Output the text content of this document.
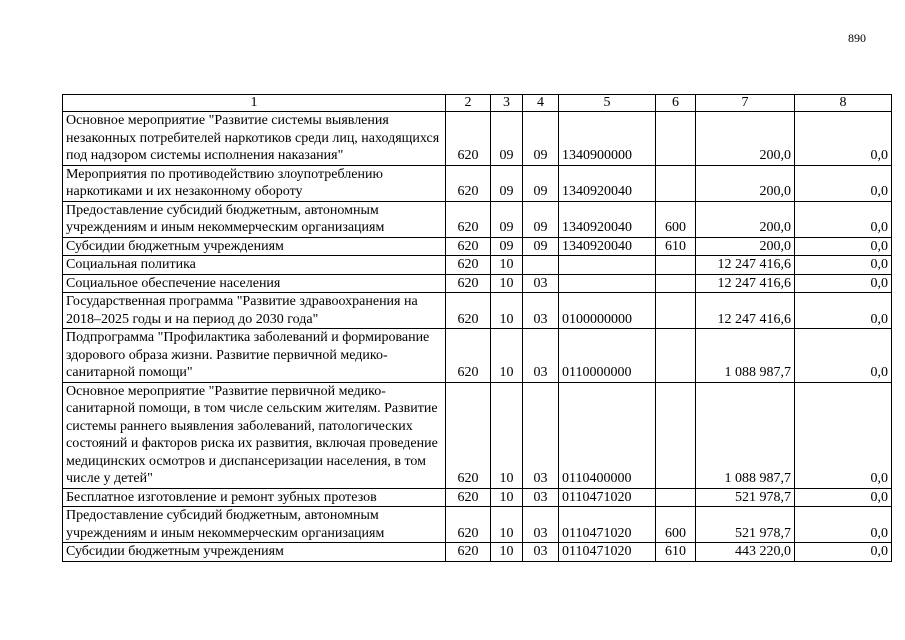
890
1	2	3	4	5	6	7	8
Основное мероприятие "Развитие системы выявления незаконных потребителей наркотиков среди лиц, находящихся под надзором системы исполнения наказания"	620	09	09	1340900000		200,0	0,0
Мероприятия по противодействию злоупотреблению наркотиками и их незаконному обороту	620	09	09	1340920040		200,0	0,0
Предоставление субсидий бюджетным, автономным учреждениям и иным некоммерческим организациям	620	09	09	1340920040	600	200,0	0,0
Субсидии бюджетным учреждениям	620	09	09	1340920040	610	200,0	0,0
Социальная политика	620	10				12 247 416,6	0,0
Социальное обеспечение населения	620	10	03			12 247 416,6	0,0
Государственная программа "Развитие здравоохранения на 2018–2025 годы и на период до 2030 года"	620	10	03	0100000000		12 247 416,6	0,0
Подпрограмма "Профилактика заболеваний и формирование здорового образа жизни. Развитие первичной медико-санитарной помощи"	620	10	03	0110000000		1 088 987,7	0,0
Основное мероприятие "Развитие первичной медико-санитарной помощи, в том числе сельским жителям. Развитие системы раннего выявления заболеваний, патологических состояний и факторов риска их развития, включая проведение медицинских осмотров и диспансеризации населения, в том числе у детей"	620	10	03	0110400000		1 088 987,7	0,0
Бесплатное изготовление и ремонт зубных протезов	620	10	03	0110471020		521 978,7	0,0
Предоставление субсидий бюджетным, автономным учреждениям и иным некоммерческим организациям	620	10	03	0110471020	600	521 978,7	0,0
Субсидии бюджетным учреждениям	620	10	03	0110471020	610	443 220,0	0,0
